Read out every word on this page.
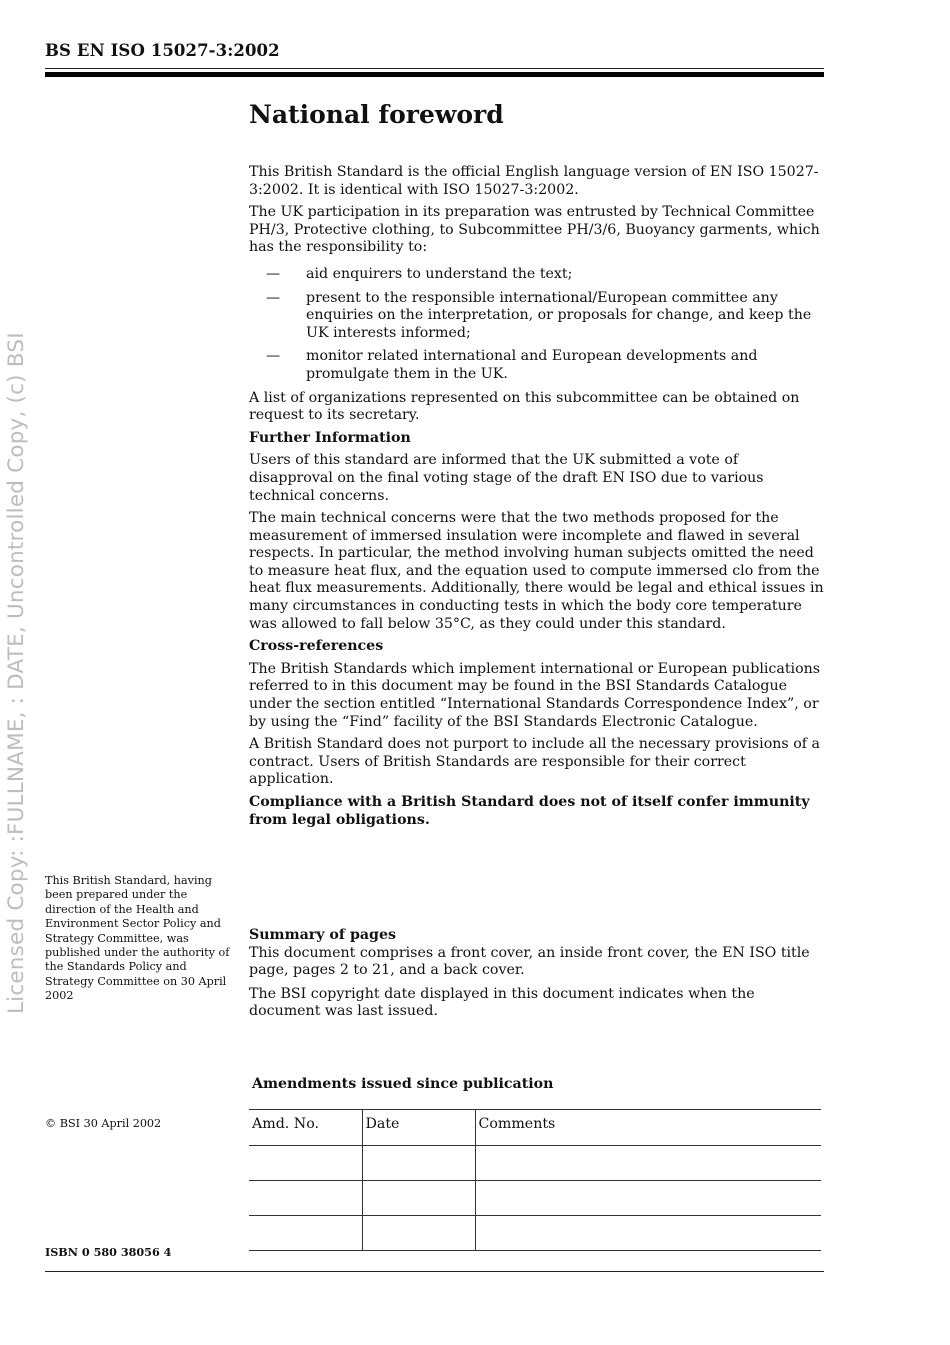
BS EN ISO 15027-3:2002
Licensed Copy: :FULLNAME, : DATE, Uncontrolled Copy, (c) BSI
National foreword

This British Standard is the official English language version of EN ISO 15027-3:2002. It is identical with ISO 15027-3:2002.

The UK participation in its preparation was entrusted by Technical Committee PH/3, Protective clothing, to Subcommittee PH/3/6, Buoyancy garments, which has the responsibility to:

— aid enquirers to understand the text;
— present to the responsible international/European committee any enquiries on the interpretation, or proposals for change, and keep the UK interests informed;
— monitor related international and European developments and promulgate them in the UK.

A list of organizations represented on this subcommittee can be obtained on request to its secretary.

Further Information

Users of this standard are informed that the UK submitted a vote of disapproval on the final voting stage of the draft EN ISO due to various technical concerns.

The main technical concerns were that the two methods proposed for the measurement of immersed insulation were incomplete and flawed in several respects. In particular, the method involving human subjects omitted the need to measure heat flux, and the equation used to compute immersed clo from the heat flux measurements. Additionally, there would be legal and ethical issues in many circumstances in conducting tests in which the body core temperature was allowed to fall below 35°C, as they could under this standard.

Cross-references

The British Standards which implement international or European publications referred to in this document may be found in the BSI Standards Catalogue under the section entitled “International Standards Correspondence Index”, or by using the “Find” facility of the BSI Standards Electronic Catalogue.

A British Standard does not purport to include all the necessary provisions of a contract. Users of British Standards are responsible for their correct application.

Compliance with a British Standard does not of itself confer immunity from legal obligations.

This British Standard, having been prepared under the direction of the Health and Environment Sector Policy and Strategy Committee, was published under the authority of the Standards Policy and Strategy Committee on 30 April 2002

Summary of pages

This document comprises a front cover, an inside front cover, the EN ISO title page, pages 2 to 21, and a back cover.

The BSI copyright date displayed in this document indicates when the document was last issued.

Amendments issued since publication
Amd. No.	Date	Comments

© BSI 30 April 2002
ISBN 0 580 38056 4
